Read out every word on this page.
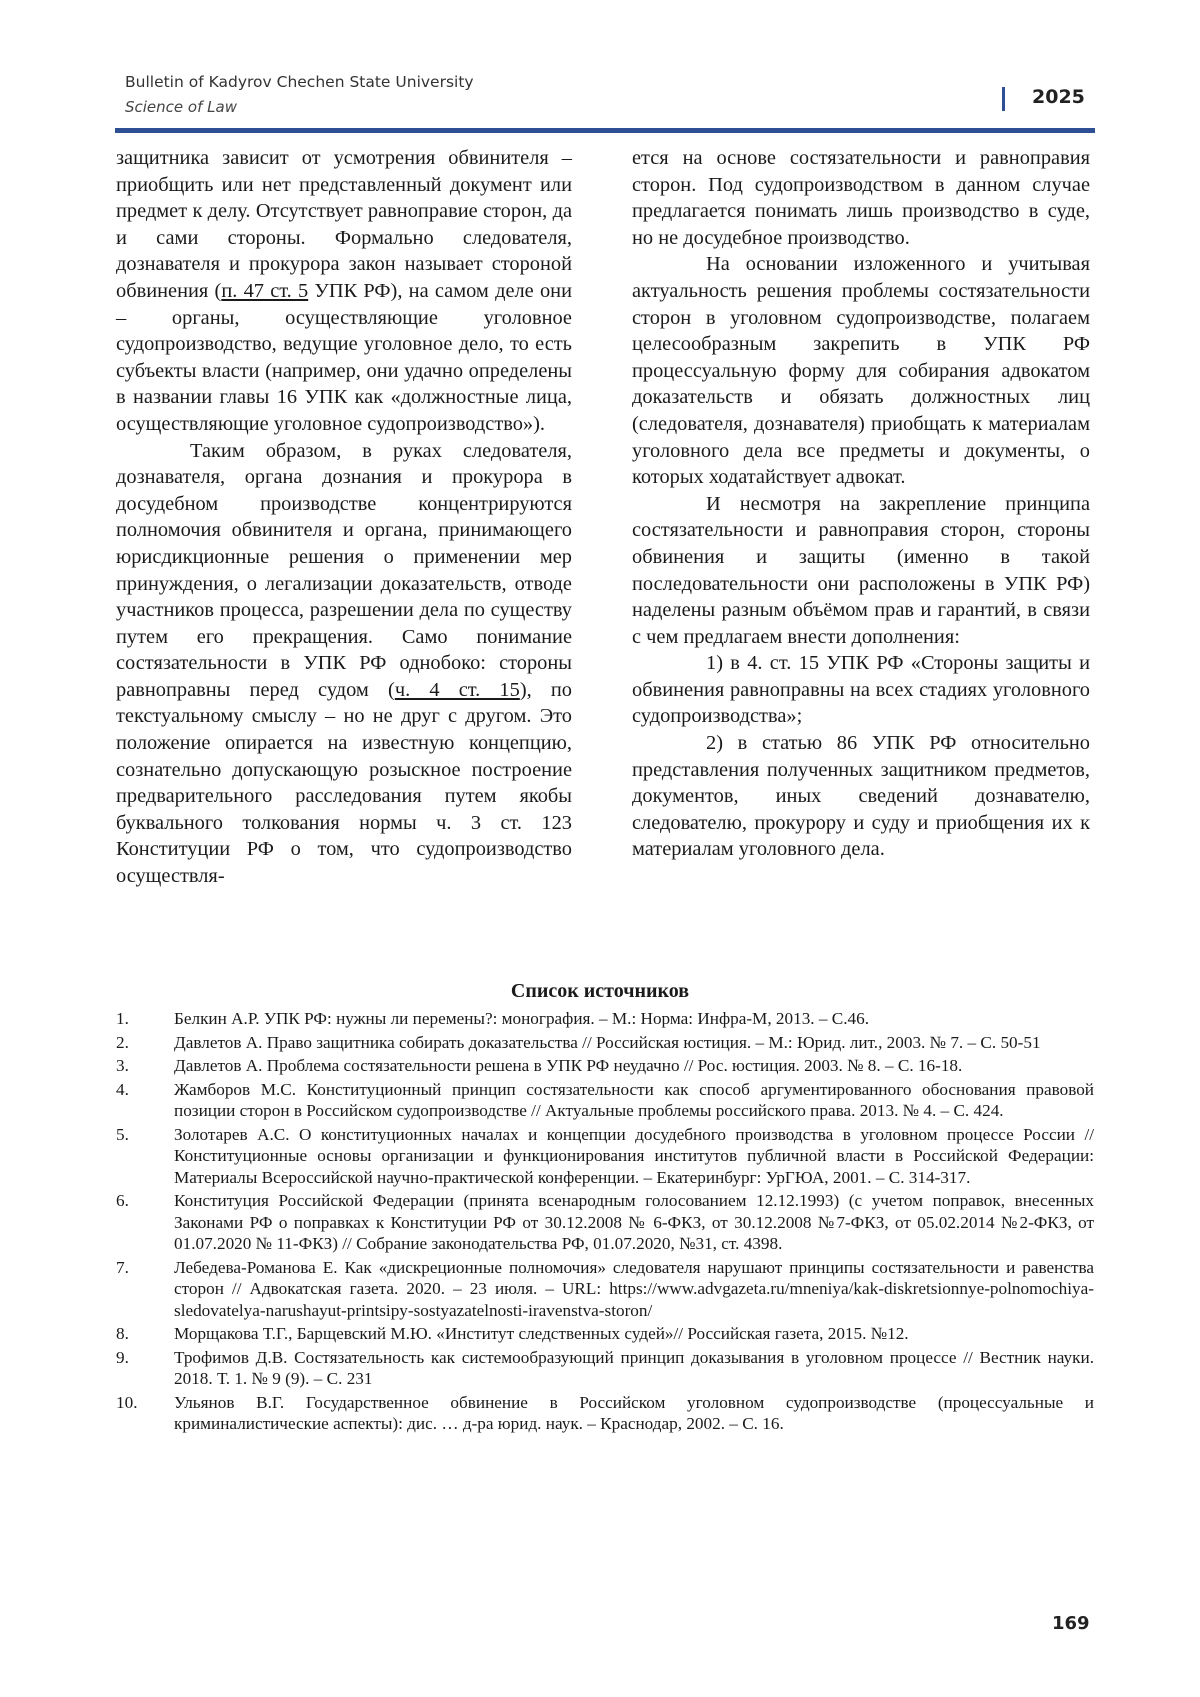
Bulletin of Kadyrov Chechen State University
Science of Law	2025

защитника зависит от усмотрения обвинителя – приобщить или нет представленный документ или предмет к делу. Отсутствует равноправие сторон, да и сами стороны. Формально следователя, дознавателя и прокурора закон называет стороной обвинения (п. 47 ст. 5 УПК РФ), на самом деле они – органы, осуществляющие уголовное судопроизводство, ведущие уголовное дело, то есть субъекты власти (например, они удачно определены в названии главы 16 УПК как «должностные лица, осуществляющие уголовное судопроизводство»).

Таким образом, в руках следователя, дознавателя, органа дознания и прокурора в досудебном производстве концентрируются полномочия обвинителя и органа, принимающего юрисдикционные решения о применении мер принуждения, о легализации доказательств, отводе участников процесса, разрешении дела по существу путем его прекращения. Само понимание состязательности в УПК РФ однобоко: стороны равноправны перед судом (ч. 4 ст. 15), по текстуальному смыслу – но не друг с другом. Это положение опирается на известную концепцию, сознательно допускающую розыскное построение предварительного расследования путем якобы буквального толкования нормы ч. 3 ст. 123 Конституции РФ о том, что судопроизводство осуществля-

ется на основе состязательности и равноправия сторон. Под судопроизводством в данном случае предлагается понимать лишь производство в суде, но не досудебное производство.

На основании изложенного и учитывая актуальность решения проблемы состязательности сторон в уголовном судопроизводстве, полагаем целесообразным закрепить в УПК РФ процессуальную форму для собирания адвокатом доказательств и обязать должностных лиц (следователя, дознавателя) приобщать к материалам уголовного дела все предметы и документы, о которых ходатайствует адвокат.

И несмотря на закрепление принципа состязательности и равноправия сторон, стороны обвинения и защиты (именно в такой последовательности они расположены в УПК РФ) наделены разным объёмом прав и гарантий, в связи с чем предлагаем внести дополнения:

1) в 4. ст. 15 УПК РФ «Стороны защиты и обвинения равноправны на всех стадиях уголовного судопроизводства»;

2) в статью 86 УПК РФ относительно представления полученных защитником предметов, документов, иных сведений дознавателю, следователю, прокурору и суду и приобщения их к материалам уголовного дела.

Список источников
1.	Белкин А.Р. УПК РФ: нужны ли перемены?: монография. – М.: Норма: Инфра-М, 2013. – С.46.
2.	Давлетов А. Право защитника собирать доказательства // Российская юстиция. – М.: Юрид. лит., 2003. № 7. – С. 50-51
3.	Давлетов А. Проблема состязательности решена в УПК РФ неудачно // Рос. юстиция. 2003. № 8. – С. 16-18.
4.	Жамборов М.С. Конституционный принцип состязательности как способ аргументированного обоснования правовой позиции сторон в Российском судопроизводстве // Актуальные проблемы российского права. 2013. № 4. – С. 424.
5.	Золотарев А.С. О конституционных началах и концепции досудебного производства в уголовном процессе России // Конституционные основы организации и функционирования институтов публичной власти в Российской Федерации: Материалы Всероссийской научно-практической конференции. – Екатеринбург: УрГЮА, 2001. – С. 314-317.
6.	Конституция Российской Федерации (принята всенародным голосованием 12.12.1993) (с учетом поправок, внесенных Законами РФ о поправках к Конституции РФ от 30.12.2008 № 6-ФКЗ, от 30.12.2008 №7-ФКЗ, от 05.02.2014 №2-ФКЗ, от 01.07.2020 № 11-ФКЗ) // Собрание законодательства РФ, 01.07.2020, №31, ст. 4398.
7.	Лебедева-Романова Е. Как «дискреционные полномочия» следователя нарушают принципы состязательности и равенства сторон // Адвокатская газета. 2020. – 23 июля. – URL: https://www.advgazeta.ru/mneniya/kak-diskretsionnye-polnomochiya-sledovatelya-narushayut-printsipy-sostyazatelnosti-iravenstva-storon/
8.	Морщакова Т.Г., Барщевский М.Ю. «Институт следственных судей»// Российская газета, 2015. №12.
9.	Трофимов Д.В. Состязательность как системообразующий принцип доказывания в уголовном процессе // Вестник науки. 2018. Т. 1. № 9 (9). – С. 231
10.	Ульянов В.Г. Государственное обвинение в Российском уголовном судопроизводстве (процессуальные и криминалистические аспекты): дис. … д-ра юрид. наук. – Краснодар, 2002. – С. 16.
169
